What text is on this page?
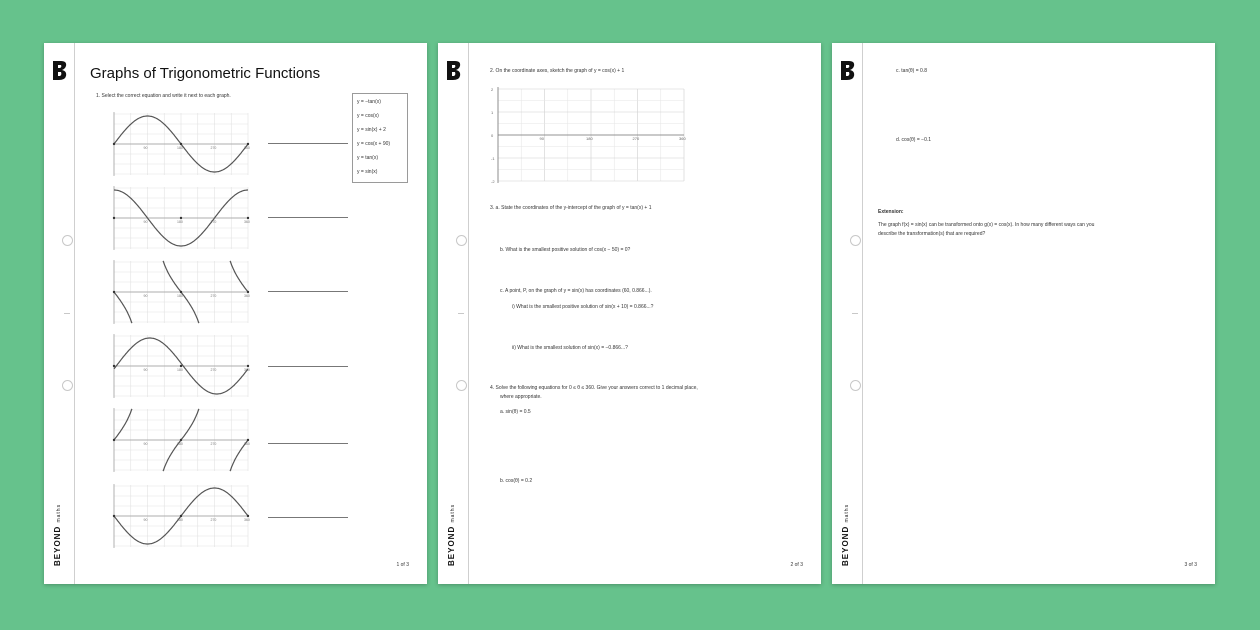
BEYOND maths
Graphs of Trigonometric Functions
1. Select the correct equation and write it next to each graph.
y = −tan(x)
y = cos(x)
y = sin(x) + 2
y = cos(x + 90)
y = tan(x)
y = sin(x)
90	180	270	360
90	180	270	360
90	180	270	360
90	180	270	360
90	180	270	360
90	180	270	360
1 of 3	BEYOND maths
2. On the coordinate axes, sketch the graph of y = cos(x) + 1
2
1
0
-1
-2
90	180	270	360
3. a. State the coordinates of the y-intercept of the graph of y = tan(x) + 1
b. What is the smallest positive solution of cos(x − 50) = 0?
c. A point, P, on the graph of y = sin(x) has coordinates (60, 0.866...).
i) What is the smallest positive solution of sin(x + 10) = 0.866...?
ii) What is the smallest solution of sin(x) = −0.866...?
4. Solve the following equations for 0 ≤ θ ≤ 360. Give your answers correct to 1 decimal place,
where appropriate.
a. sin(θ) = 0.5
b. cos(θ) = 0.2
2 of 3	BEYOND maths
c. tan(θ) = 0.8
d. cos(θ) = −0.1
Extension:
The graph f(x) = sin(x) can be transformed onto g(x) = cos(x). In how many different ways can you
describe the transformation(s) that are required?
3 of 3
